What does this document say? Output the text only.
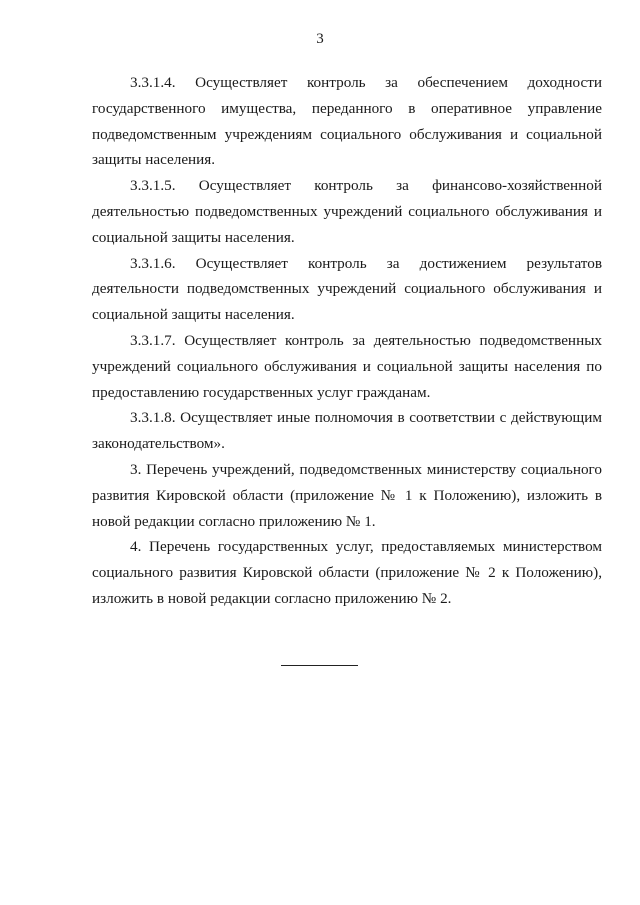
3

3.3.1.4. Осуществляет контроль за обеспечением доходности государственного имущества, переданного в оперативное управление подведомственным учреждениям социального обслуживания и социальной защиты населения.

3.3.1.5. Осуществляет контроль за финансово-хозяйственной деятельностью подведомственных учреждений социального обслуживания и социальной защиты населения.

3.3.1.6. Осуществляет контроль за достижением результатов деятельности подведомственных учреждений социального обслуживания и социальной защиты населения.

3.3.1.7. Осуществляет контроль за деятельностью подведомственных учреждений социального обслуживания и социальной защиты населения по предоставлению государственных услуг гражданам.

3.3.1.8. Осуществляет иные полномочия в соответствии с действующим законодательством».

3. Перечень учреждений, подведомственных министерству социального развития Кировской области (приложение № 1 к Положению), изложить в новой редакции согласно приложению № 1.

4. Перечень государственных услуг, предоставляемых министерством социального развития Кировской области (приложение № 2 к Положению), изложить в новой редакции согласно приложению № 2.
